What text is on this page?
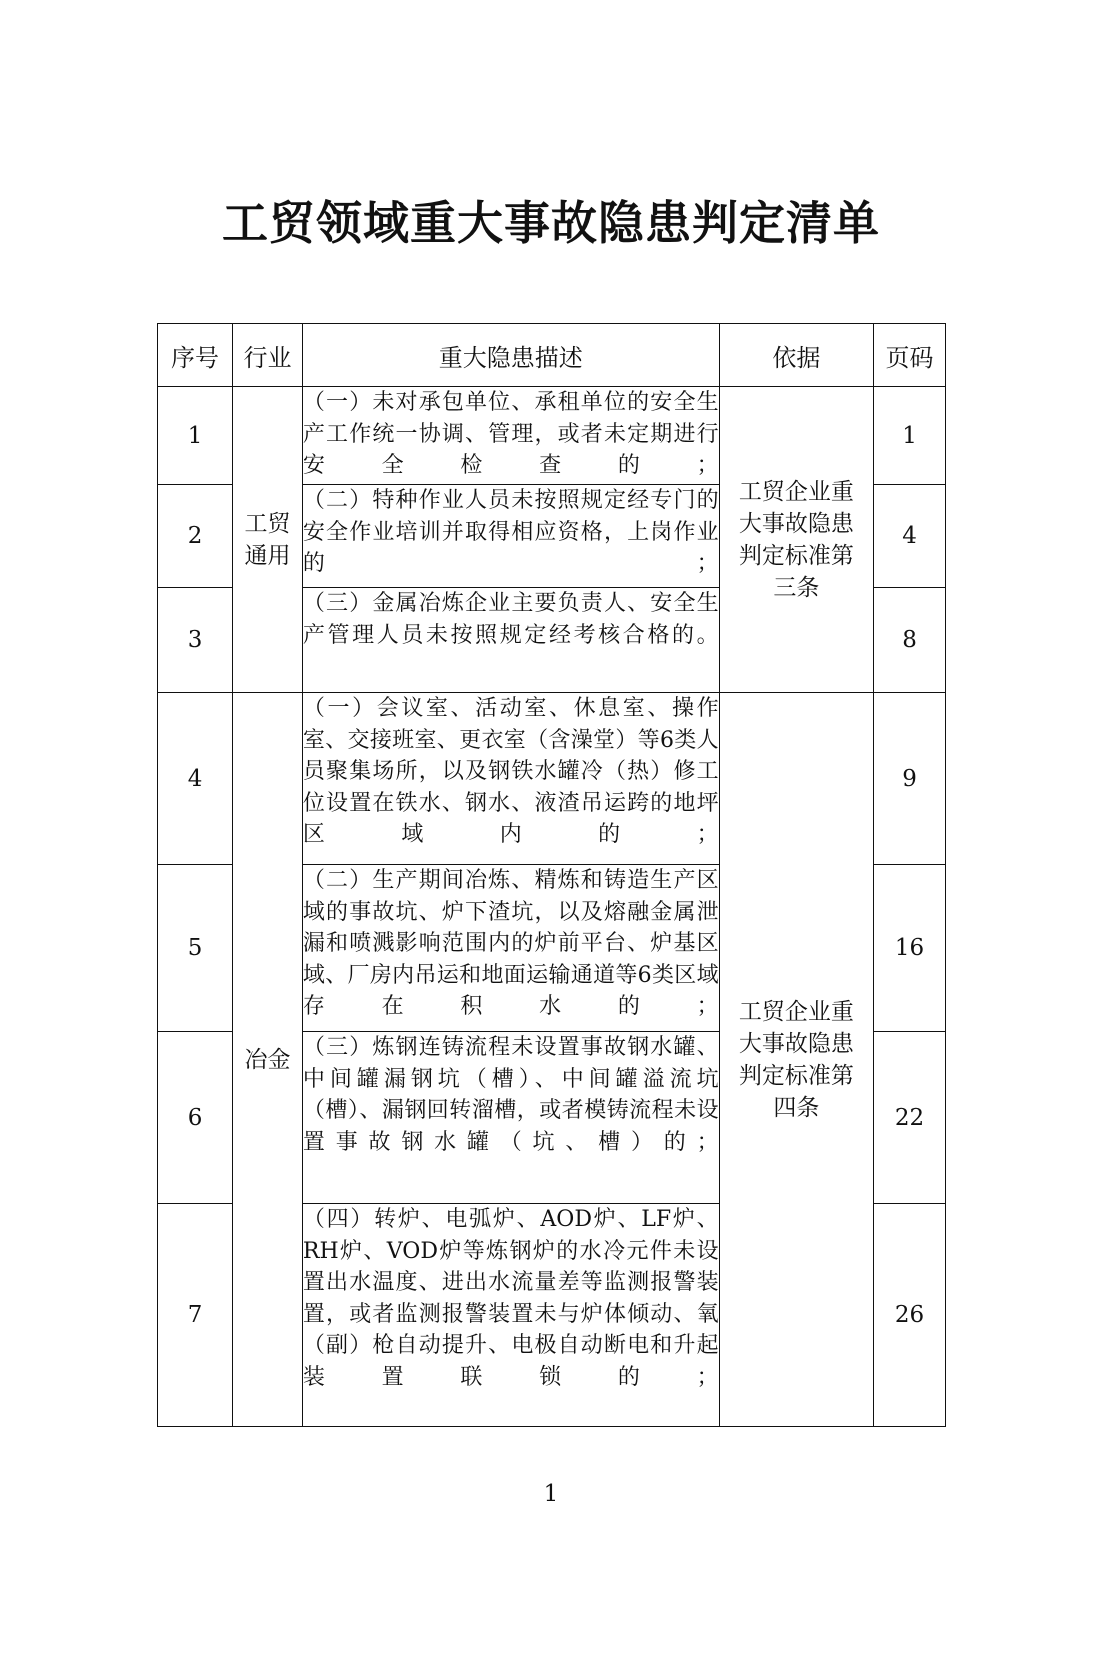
工贸领域重大事故隐患判定清单
序号	行业	重大隐患描述	依据	页码
1	工贸通用	（一）未对承包单位、承租单位的安全生产工作统一协调、管理，或者未定期进行安全检查的；	工贸企业重大事故隐患判定标准第三条	1
2		（二）特种作业人员未按照规定经专门的安全作业培训并取得相应资格，上岗作业的；		4
3		（三）金属冶炼企业主要负责人、安全生产管理人员未按照规定经考核合格的。		8
4	冶金	（一）会议室、活动室、休息室、操作室、交接班室、更衣室（含澡堂）等6类人员聚集场所，以及钢铁水罐冷（热）修工位设置在铁水、钢水、液渣吊运跨的地坪区域内的；	工贸企业重大事故隐患判定标准第四条	9
5		（二）生产期间冶炼、精炼和铸造生产区域的事故坑、炉下渣坑，以及熔融金属泄漏和喷溅影响范围内的炉前平台、炉基区域、厂房内吊运和地面运输通道等6类区域存在积水的；		16
6		（三）炼钢连铸流程未设置事故钢水罐、中间罐漏钢坑（槽）、中间罐溢流坑（槽）、漏钢回转溜槽，或者模铸流程未设置事故钢水罐（坑、槽）的；		22
7		（四）转炉、电弧炉、AOD炉、LF炉、RH炉、VOD炉等炼钢炉的水冷元件未设置出水温度、进出水流量差等监测报警装置，或者监测报警装置未与炉体倾动、氧（副）枪自动提升、电极自动断电和升起装置联锁的；		26
1
